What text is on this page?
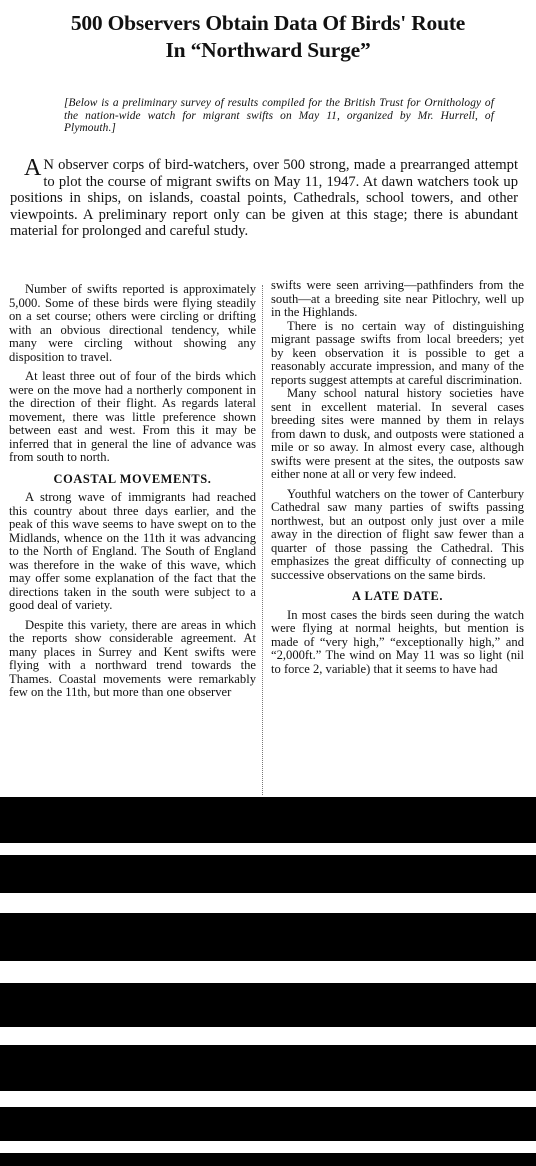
500 Observers Obtain Data Of Birds' Route
In “Northward Surge”
[Below is a preliminary survey of results compiled for the British Trust for Ornithology of the nation-wide watch for migrant swifts on May 11, organized by Mr. Hurrell, of Plymouth.]
A N observer corps of bird-watchers, over 500 strong, made a prearranged attempt to plot the course of migrant swifts on May 11, 1947. At dawn watchers took up positions in ships, on islands, coastal points, Cathedrals, school towers, and other viewpoints. A preliminary report only can be given at this stage; there is abundant material for prolonged and careful study.

Number of swifts reported is approximately 5,000. Some of these birds were flying steadily on a set course; others were circling or drifting with an obvious directional tendency, while many were circling without showing any disposition to travel.

At least three out of four of the birds which were on the move had a northerly component in the direction of their flight. As regards lateral movement, there was little preference shown between east and west. From this it may be inferred that in general the line of advance was from south to north.

COASTAL MOVEMENTS.

A strong wave of immigrants had reached this country about three days earlier, and the peak of this wave seems to have swept on to the Midlands, whence on the 11th it was advancing to the North of England. The South of England was therefore in the wake of this wave, which may offer some explanation of the fact that the directions taken in the south were subject to a good deal of variety.

Despite this variety, there are areas in which the reports show considerable agreement. At many places in Surrey and Kent swifts were flying with a northward trend towards the Thames. Coastal movements were remarkably few on the 11th, but more than one observer

swifts were seen arriving—pathfinders from the south—at a breeding site near Pitlochry, well up in the Highlands.

There is no certain way of distinguishing migrant passage swifts from local breeders; yet by keen observation it is possible to get a reasonably accurate impression, and many of the reports suggest attempts at careful discrimination.

Many school natural history societies have sent in excellent material. In several cases breeding sites were manned by them in relays from dawn to dusk, and outposts were stationed a mile or so away. In almost every case, although swifts were present at the sites, the outposts saw either none at all or very few indeed.

Youthful watchers on the tower of Canterbury Cathedral saw many parties of swifts passing northwest, but an outpost only just over a mile away in the direction of flight saw fewer than a quarter of those passing the Cathedral. This emphasizes the great difficulty of connecting up successive observations on the same birds.

A LATE DATE.

In most cases the birds seen during the watch were flying at normal heights, but mention is made of “very high,” “exceptionally high,” and “2,000ft.” The wind on May 11 was so light (nil to force 2, variable) that it seems to have had
